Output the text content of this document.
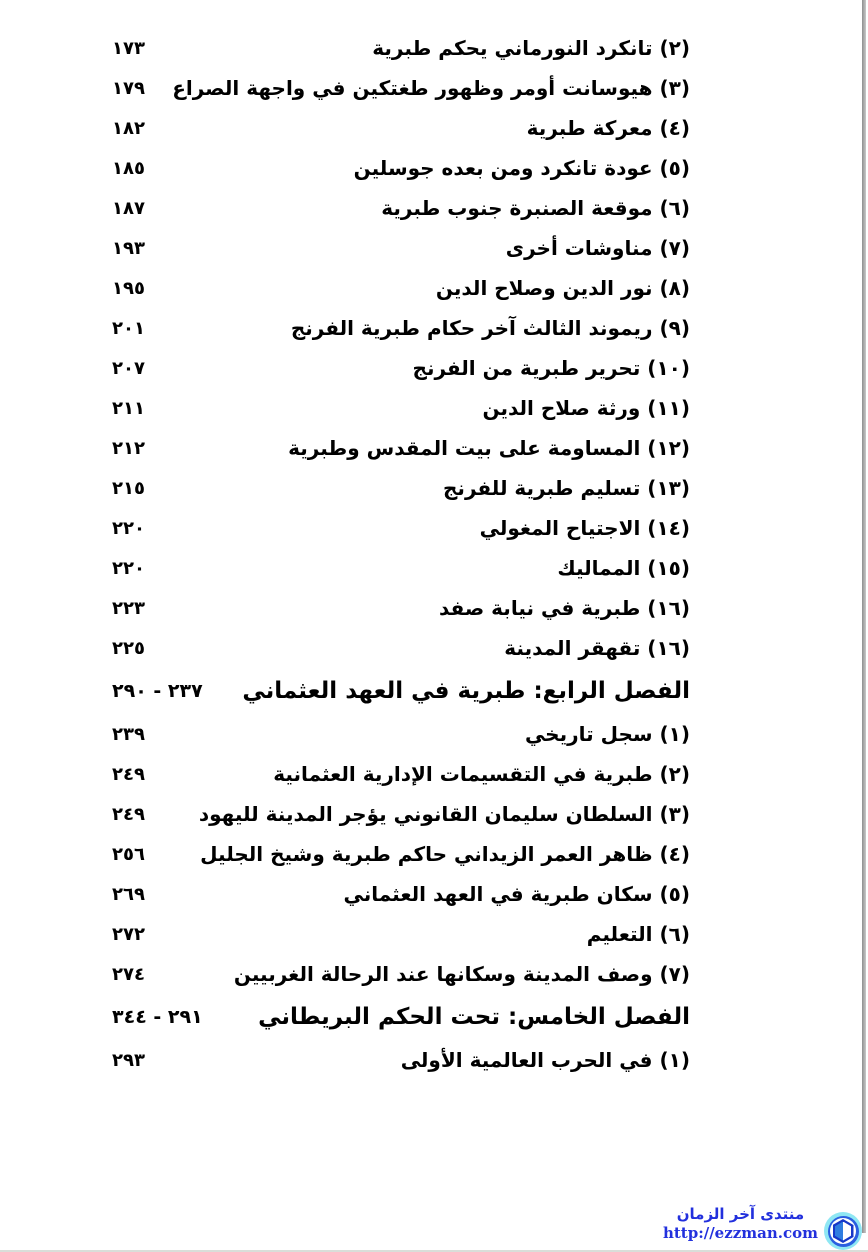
(٢) تانكرد النورماني يحكم طبرية
١٧٣
(٣) هيوسانت أومر وظهور طغتكين في واجهة الصراع
١٧٩
(٤) معركة طبرية
١٨٢
(٥) عودة تانكرد ومن بعده جوسلين
١٨٥
(٦) موقعة الصنبرة جنوب طبرية
١٨٧
(٧) مناوشات أخرى
١٩٣
(٨) نور الدين وصلاح الدين
١٩٥
(٩) ريموند الثالث آخر حكام طبرية الفرنج
٢٠١
(١٠) تحرير طبرية من الفرنج
٢٠٧
(١١) ورثة صلاح الدين
٢١١
(١٢) المساومة على بيت المقدس وطبرية
٢١٢
(١٣) تسليم طبرية للفرنج
٢١٥
(١٤) الاجتياح المغولي
٢٢٠
(١٥) المماليك
٢٢٠
(١٦) طبرية في نيابة صفد
٢٢٣
(١٦) تقهقر المدينة
٢٢٥
الفصل الرابع: طبرية في العهد العثماني
٢٣٧ - ٢٩٠
(١) سجل تاريخي
٢٣٩
(٢) طبرية في التقسيمات الإدارية العثمانية
٢٤٩
(٣) السلطان سليمان القانوني يؤجر المدينة لليهود
٢٤٩
(٤) ظاهر العمر الزيداني حاكم طبرية وشيخ الجليل
٢٥٦
(٥) سكان طبرية في العهد العثماني
٢٦٩
(٦) التعليم
٢٧٢
(٧) وصف المدينة وسكانها عند الرحالة الغربيين
٢٧٤
الفصل الخامس: تحت الحكم البريطاني
٢٩١ - ٣٤٤
(١) في الحرب العالمية الأولى
٢٩٣
منتدى آخر الزمان
http://ezzman.com
